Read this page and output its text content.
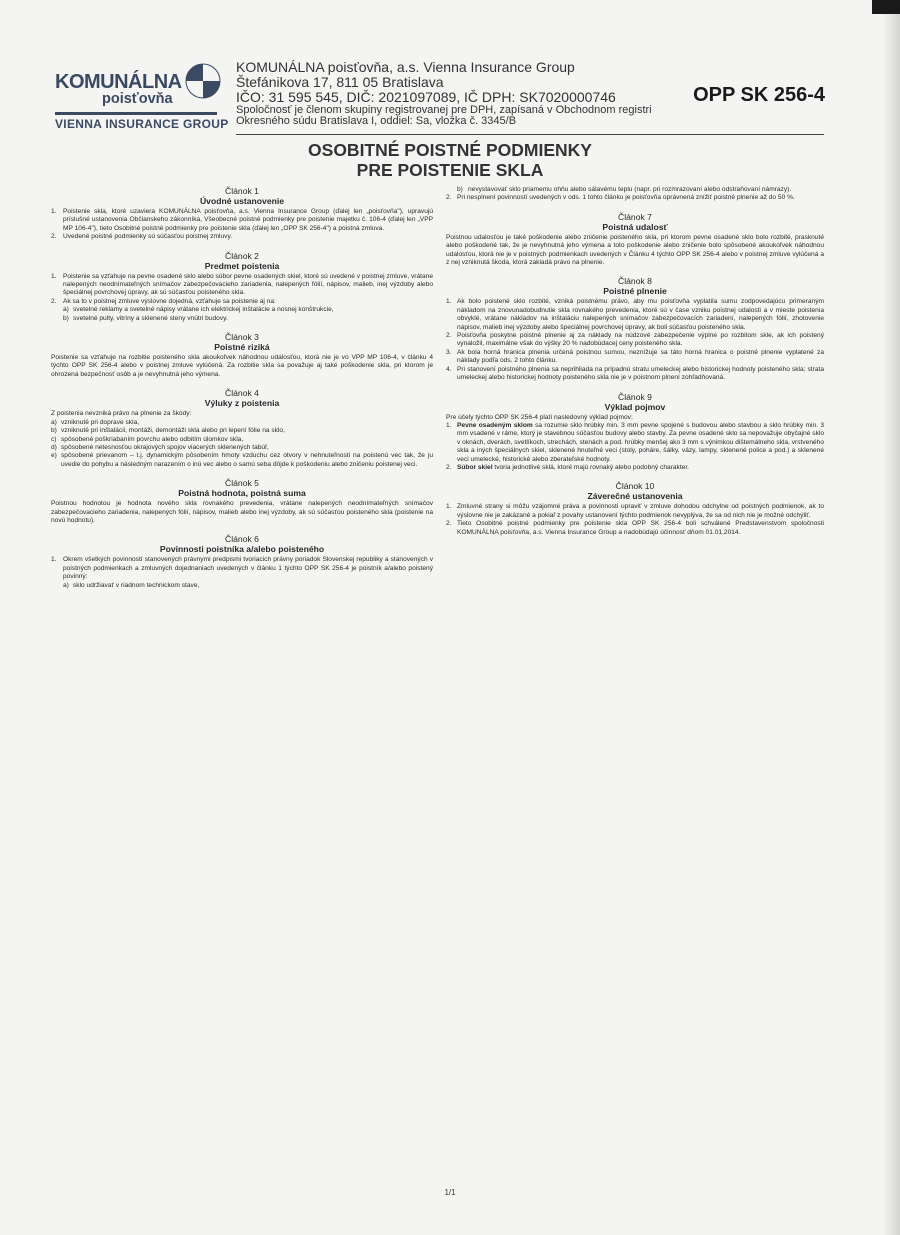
KOMUNÁLNA
poisťovňa
VIENNA INSURANCE GROUP
KOMUNÁLNA poisťovňa, a.s. Vienna Insurance Group
Štefánikova 17, 811 05 Bratislava
IČO: 31 595 545, DIČ: 2021097089, IČ DPH: SK7020000746
Spoločnosť je členom skupiny registrovanej pre DPH, zapísaná v Obchodnom registri
Okresného súdu Bratislava I, oddiel: Sa, vložka č. 3345/B
OPP SK 256-4
OSOBITNÉ POISTNÉ PODMIENKY
PRE POISTENIE SKLA
Článok 1
Úvodné ustanovenie
1. Poistenie skla, ktoré uzaviera KOMUNÁLNA poisťovňa, a.s. Vienna Insurance Group (ďalej len „poisťovňa"), upravujú príslušné ustanovenia Občianskeho zákonníka, Všeobecné poistné podmienky pre poistenie majetku č. 106-4 (ďalej len „VPP MP 106-4"), tieto Osobitné poistné podmienky pre poistenie skla (ďalej len „OPP SK 256-4") a poistná zmluva.
2. Uvedené poistné podmienky sú súčasťou poistnej zmluvy.
Článok 2
Predmet poistenia
1. Poistenie sa vzťahuje na pevne osadené sklo alebo súbor pevne osadených skiel, ktoré sú uvedené v poistnej zmluve, vrátane nalepených neodnímateľných snímačov zabezpečovacieho zariadenia, nalepených fólií, nápisov, malieb, inej výzdoby alebo špeciálnej povrchovej úpravy, ak sú súčasťou poisteného skla.
2. Ak sa to v poistnej zmluve výslovne dojedná, vzťahuje sa poistenie aj na:
a) svetelné reklamy a svetelné nápisy vrátane ich elektrickej inštalácie a nosnej konštrukcie,
b) svetelné pulty, vitríny a sklenené steny vnútri budovy.
Článok 3
Poistné riziká
Poistenie sa vzťahuje na rozbitie poisteného skla akoukoľvek náhodnou udalosťou, ktorá nie je vo VPP MP 106-4, v článku 4 týchto OPP SK 256-4 alebo v poistnej zmluve vylúčená. Za rozbitie skla sa považuje aj také poškodenie skla, pri ktorom je ohrozená bezpečnosť osôb a je nevyhnutná jeho výmena.
Článok 4
Výluky z poistenia
Z poistenia nevzniká právo na plnenie za škody:
a) vzniknuté pri doprave skla,
b) vzniknuté pri inštalácii, montáži, demontáži skla alebo pri lepení fólie na sklo,
c) spôsobené poškriabaním povrchu alebo odbitím úlomkov skla,
d) spôsobené netesnosťou okrajových spojov viacerých sklenených tabúľ,
e) spôsobené prievanom – t.j. dynamickým pôsobením hmoty vzduchu cez otvory v nehnuteľnosti na poistenú vec tak, že ju uvedie do pohybu a následným narazením o inú vec alebo o samú seba dôjde k poškodeniu alebo zničeniu poistenej veci.
Článok 5
Poistná hodnota, poistná suma
Poistnou hodnotou je hodnota nového skla rovnakého prevedenia, vrátane nalepených neodnímateľných snímačov zabezpečovacieho zariadenia, nalepených fólií, nápisov, malieb alebo inej výzdoby, ak sú súčasťou poisteného skla (poistenie na novú hodnotu).
Článok 6
Povinnosti poistníka a/alebo poisteného
1. Okrem všetkých povinností stanovených právnymi predpismi tvoriacich právny poriadok Slovenskej republiky a stanovených v poistných podmienkach a zmluvných dojednaniach uvedených v článku 1 týchto OPP SK 256-4 je poistník a/alebo poistený povinný:
a) sklo udržiavať v riadnom technickom stave,
b) nevystavovať sklo priamemu ohňu alebo sálavému teplu (napr. pri rozmrazovaní alebo odstraňovaní námrazy).
2. Pri nesplnení povinností uvedených v ods. 1 tohto článku je poisťovňa oprávnená znížiť poistné plnenie až do 50 %.
Článok 7
Poistná udalosť
Poistnou udalosťou je také poškodenie alebo zničenie poisteného skla, pri ktorom pevne osadené sklo bolo rozbité, prasknuté alebo poškodené tak, že je nevyhnutná jeho výmena a toto poškodenie alebo zničenie bolo spôsobené akoukoľvek náhodnou udalosťou, ktorá nie je v poistných podmienkach uvedených v Článku 4 týchto OPP SK 256-4 alebo v poistnej zmluve vylúčená a z nej vzniknutá škoda, ktorá zakladá právo na plnenie.
Článok 8
Poistné plnenie
1. Ak bolo poistené sklo rozbité, vzniká poistnému právo, aby mu poisťovňa vyplatila sumu zodpovedajúcu primeraným nákladom na znovunadobudnutie skla rovnakého prevedenia, ktoré sú v čase vzniku poistnej udalosti a v mieste poistenia obvyklé, vrátane nákladov na inštaláciu nalepených snímačov zabezpečovacích zariadení, nalepených fólií, zhotovenie nápisov, malieb inej výzdoby alebo špeciálnej povrchovej úpravy, ak boli súčasťou poisteného skla.
2. Poisťovňa poskytne poistné plnenie aj za náklady na núdzové zabezpečenie výplne po rozbitom skle, ak ich poistený vynaložil, maximálne však do výšky 20 % nadobúdacej ceny poisteného skla.
3. Ak bola horná hranica plnenia určená poistnou sumou, neznížuje sa táto horná hranica o poistné plnenie vyplatené za náklady podľa ods. 2 tohto článku.
4. Pri stanovení poistného plnenia sa neprihliada na prípadnú stratu umeleckej alebo historickej hodnoty poisteného skla; strata umeleckej alebo historickej hodnoty poisteného skla nie je v poistnom plnení zohľadňovaná.
Článok 9
Výklad pojmov
Pre účely týchto OPP SK 256-4 platí nasledovný výklad pojmov:
1. Pevne osadeným sklom sa rozumie sklo hrúbky min. 3 mm pevne spojené s budovou alebo stavbou a sklo hrúbky min. 3 mm vsadené v ráme, ktorý je stavebnou súčasťou budovy alebo stavby. Za pevne osadené sklo sa nepovažuje obyčajné sklo v oknách, dverách, svetlíkoch, strechách, stenách a pod. hrúbky menšej ako 3 mm s výnimkou dištemálneho skla, vrstveného skla a iných špeciálnych skiel, sklenené hnuteľné veci (stoly, poháre, šálky, vázy, lampy, sklenené police a pod.) a sklenené veci umelecké, historické alebo zberateľské hodnoty.
2. Súbor skiel tvoria jednotlivé sklá, ktoré majú rovnaký alebo podobný charakter.
Článok 10
Záverečné ustanovenia
1. Zmluvné strany si môžu vzájomné práva a povinnosti upraviť v zmluve dohodou odchylne od poistných podmienok, ak to výslovne nie je zakázané a pokiaľ z povahy ustanovení týchto podmienok nevyplýva, že sa od nich nie je možné odchýliť.
2. Tieto Osobitné poistné podmienky pre poistenie skla OPP SK 256-4 boli schválené Predstavenstvom spoločnosti KOMUNÁLNA poisťovňa, a.s. Vienna Insurance Group a nadobúdajú účinnosť dňom 01.01.2014.
1/1
